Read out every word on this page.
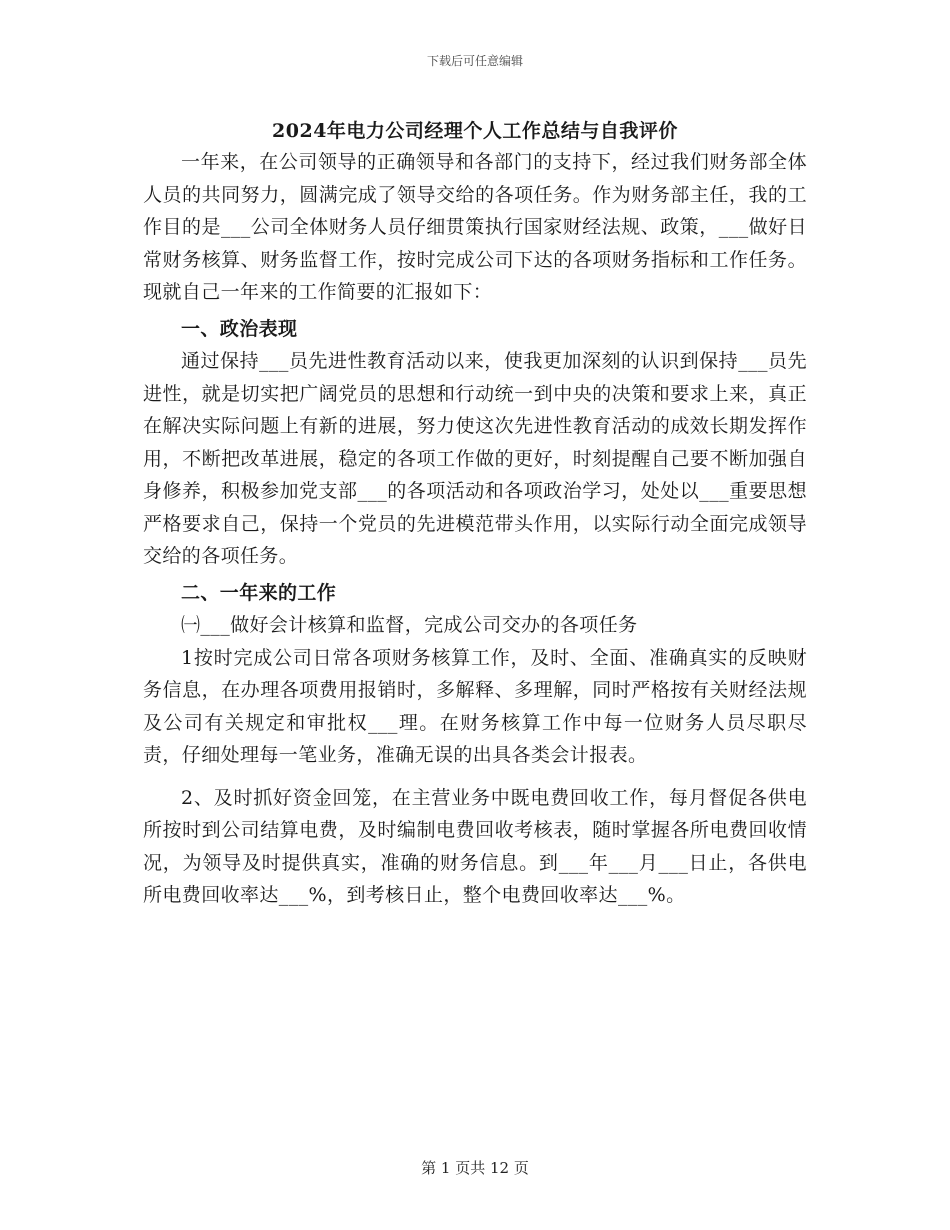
下载后可任意编辑
2024年电力公司经理个人工作总结与自我评价

一年来，在公司领导的正确领导和各部门的支持下，经过我们财务部全体人员的共同努力，圆满完成了领导交给的各项任务。作为财务部主任，我的工作目的是___公司全体财务人员仔细贯策执行国家财经法规、政策，___做好日常财务核算、财务监督工作，按时完成公司下达的各项财务指标和工作任务。现就自己一年来的工作简要的汇报如下：

一、政治表现

通过保持___员先进性教育活动以来，使我更加深刻的认识到保持___员先进性，就是切实把广阔党员的思想和行动统一到中央的决策和要求上来，真正在解决实际问题上有新的进展，努力使这次先进性教育活动的成效长期发挥作用，不断把改革进展，稳定的各项工作做的更好，时刻提醒自己要不断加强自身修养，积极参加党支部___的各项活动和各项政治学习，处处以___重要思想严格要求自己，保持一个党员的先进模范带头作用，以实际行动全面完成领导交给的各项任务。

二、一年来的工作

㈠___做好会计核算和监督，完成公司交办的各项任务

1按时完成公司日常各项财务核算工作，及时、全面、准确真实的反映财务信息，在办理各项费用报销时，多解释、多理解，同时严格按有关财经法规及公司有关规定和审批权___理。在财务核算工作中每一位财务人员尽职尽责，仔细处理每一笔业务，准确无误的出具各类会计报表。

2、及时抓好资金回笼，在主营业务中既电费回收工作，每月督促各供电所按时到公司结算电费，及时编制电费回收考核表，随时掌握各所电费回收情况，为领导及时提供真实，准确的财务信息。到___年___月___日止，各供电所电费回收率达___%，到考核日止，整个电费回收率达___%。

第 1 页共 12 页
